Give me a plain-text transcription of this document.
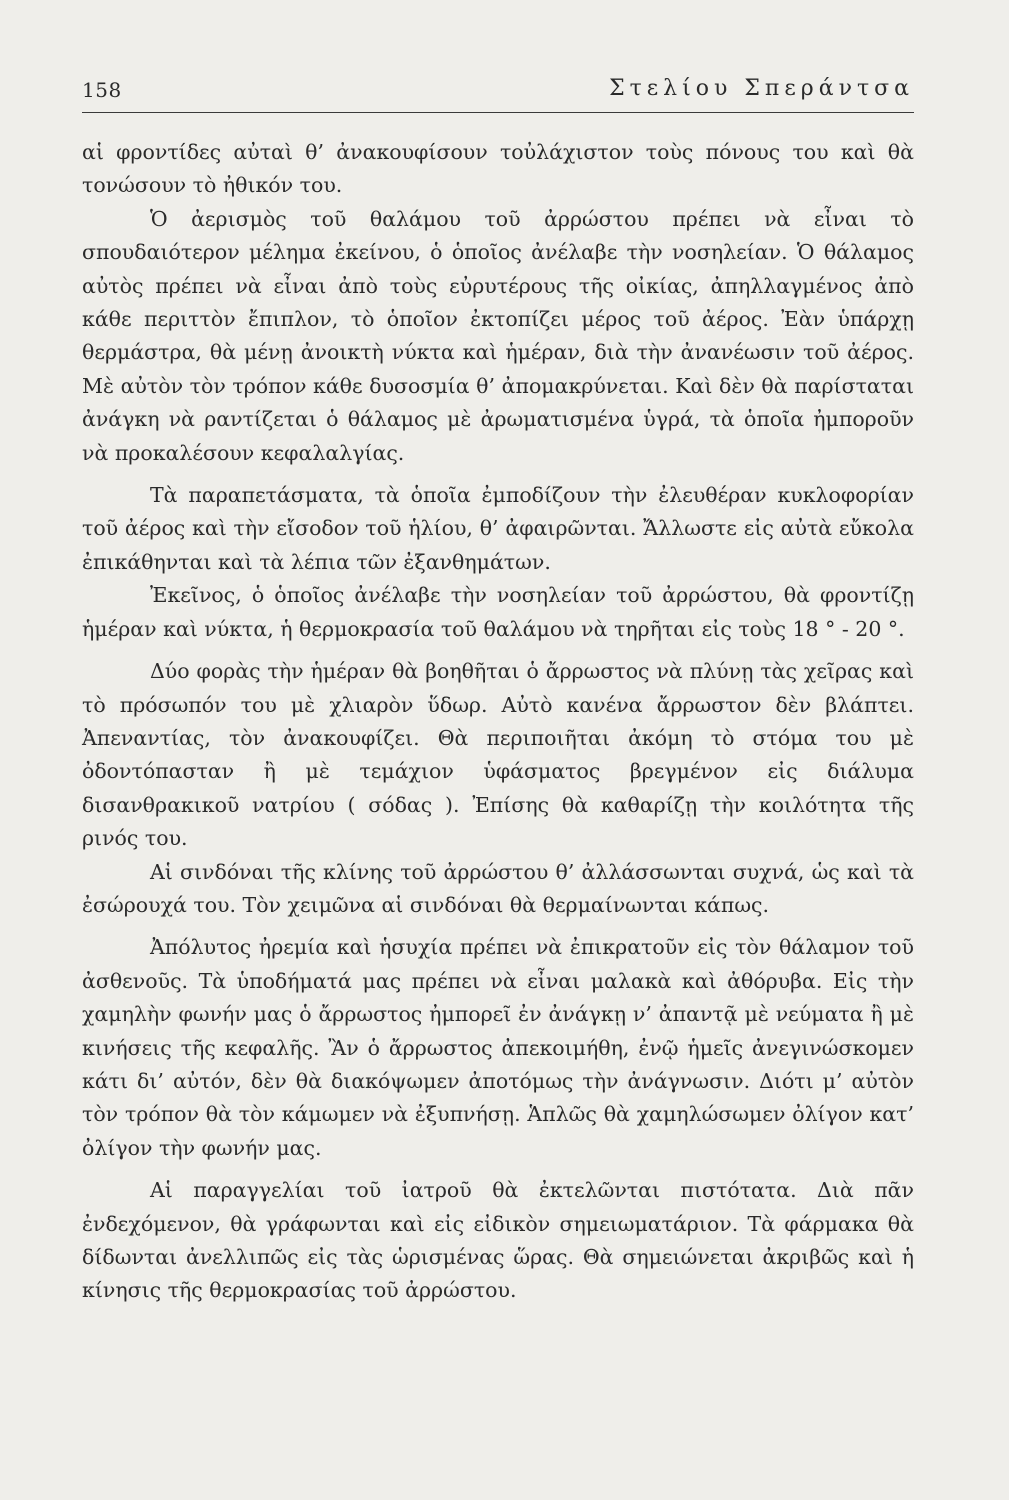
158	Στελίου Σπεράντσα

αἱ φροντίδες αὐταὶ θ’ ἀνακουφίσουν τοὐλάχιστον τοὺς πόνους του καὶ θὰ τονώσουν τὸ ἠθικόν του.

Ὁ ἀερισμὸς τοῦ θαλάμου τοῦ ἀρρώστου πρέπει νὰ εἶναι τὸ σπουδαιότερον μέλημα ἐκείνου, ὁ ὁποῖος ἀνέλαβε τὴν νοσηλείαν. Ὁ θάλαμος αὐτὸς πρέπει νὰ εἶναι ἀπὸ τοὺς εὐρυτέρους τῆς οἰκίας, ἀπηλλαγμένος ἀπὸ κάθε περιττὸν ἔπιπλον, τὸ ὁποῖον ἐκτοπίζει μέρος τοῦ ἀέρος. Ἐὰν ὑπάρχῃ θερμάστρα, θὰ μένῃ ἀνοικτὴ νύκτα καὶ ἡμέραν, διὰ τὴν ἀνανέωσιν τοῦ ἀέρος. Μὲ αὐτὸν τὸν τρόπον κάθε δυσοσμία θ’ ἀπομακρύνεται. Καὶ δὲν θὰ παρίσταται ἀνάγκη νὰ ραντίζεται ὁ θάλαμος μὲ ἀρωματισμένα ὑγρά, τὰ ὁποῖα ἠμποροῦν νὰ προκαλέσουν κεφαλαλγίας.

Τὰ παραπετάσματα, τὰ ὁποῖα ἐμποδίζουν τὴν ἐλευθέραν κυκλοφορίαν τοῦ ἀέρος καὶ τὴν εἴσοδον τοῦ ἡλίου, θ’ ἀφαιρῶνται. Ἄλλωστε εἰς αὐτὰ εὔκολα ἐπικάθηνται καὶ τὰ λέπια τῶν ἐξανθημάτων.

Ἐκεῖνος, ὁ ὁποῖος ἀνέλαβε τὴν νοσηλείαν τοῦ ἀρρώστου, θὰ φροντίζῃ ἡμέραν καὶ νύκτα, ἡ θερμοκρασία τοῦ θαλάμου νὰ τηρῆται εἰς τοὺς 18 ° - 20 °.

Δύο φορὰς τὴν ἡμέραν θὰ βοηθῆται ὁ ἄρρωστος νὰ πλύνῃ τὰς χεῖρας καὶ τὸ πρόσωπόν του μὲ χλιαρὸν ὕδωρ. Αὐτὸ κανένα ἄρρωστον δὲν βλάπτει. Ἀπεναντίας, τὸν ἀνακουφίζει. Θὰ περιποιῆται ἀκόμη τὸ στόμα του μὲ ὀδοντόπασταν ἢ μὲ τεμάχιον ὑφάσματος βρεγμένον εἰς διάλυμα δισανθρακικοῦ νατρίου ( σόδας ). Ἐπίσης θὰ καθαρίζῃ τὴν κοιλότητα τῆς ρινός του.

Αἱ σινδόναι τῆς κλίνης τοῦ ἀρρώστου θ’ ἀλλάσσωνται συχνά, ὡς καὶ τὰ ἐσώρουχά του. Τὸν χειμῶνα αἱ σινδόναι θὰ θερμαίνωνται κάπως.

Ἀπόλυτος ἠρεμία καὶ ἡσυχία πρέπει νὰ ἐπικρατοῦν εἰς τὸν θάλαμον τοῦ ἀσθενοῦς. Τὰ ὑποδήματά μας πρέπει νὰ εἶναι μαλακὰ καὶ ἀθόρυβα. Εἰς τὴν χαμηλὴν φωνήν μας ὁ ἄρρωστος ἠμπορεῖ ἐν ἀνάγκῃ ν’ ἀπαντᾷ μὲ νεύματα ἢ μὲ κινήσεις τῆς κεφαλῆς. Ἂν ὁ ἄρρωστος ἀπεκοιμήθη, ἐνῷ ἡμεῖς ἀνεγινώσκομεν κάτι δι’ αὐτόν, δὲν θὰ διακόψωμεν ἀποτόμως τὴν ἀνάγνωσιν. Διότι μ’ αὐτὸν τὸν τρόπον θὰ τὸν κάμωμεν νὰ ἐξυπνήσῃ. Ἁπλῶς θὰ χαμηλώσωμεν ὀλίγον κατ’ ὀλίγον τὴν φωνήν μας.

Αἱ παραγγελίαι τοῦ ἰατροῦ θὰ ἐκτελῶνται πιστότατα. Διὰ πᾶν ἐνδεχόμενον, θὰ γράφωνται καὶ εἰς εἰδικὸν σημειωματάριον. Τὰ φάρμακα θὰ δίδωνται ἀνελλιπῶς εἰς τὰς ὡρισμένας ὥρας. Θὰ σημειώνεται ἀκριβῶς καὶ ἡ κίνησις τῆς θερμοκρασίας τοῦ ἀρρώστου.
